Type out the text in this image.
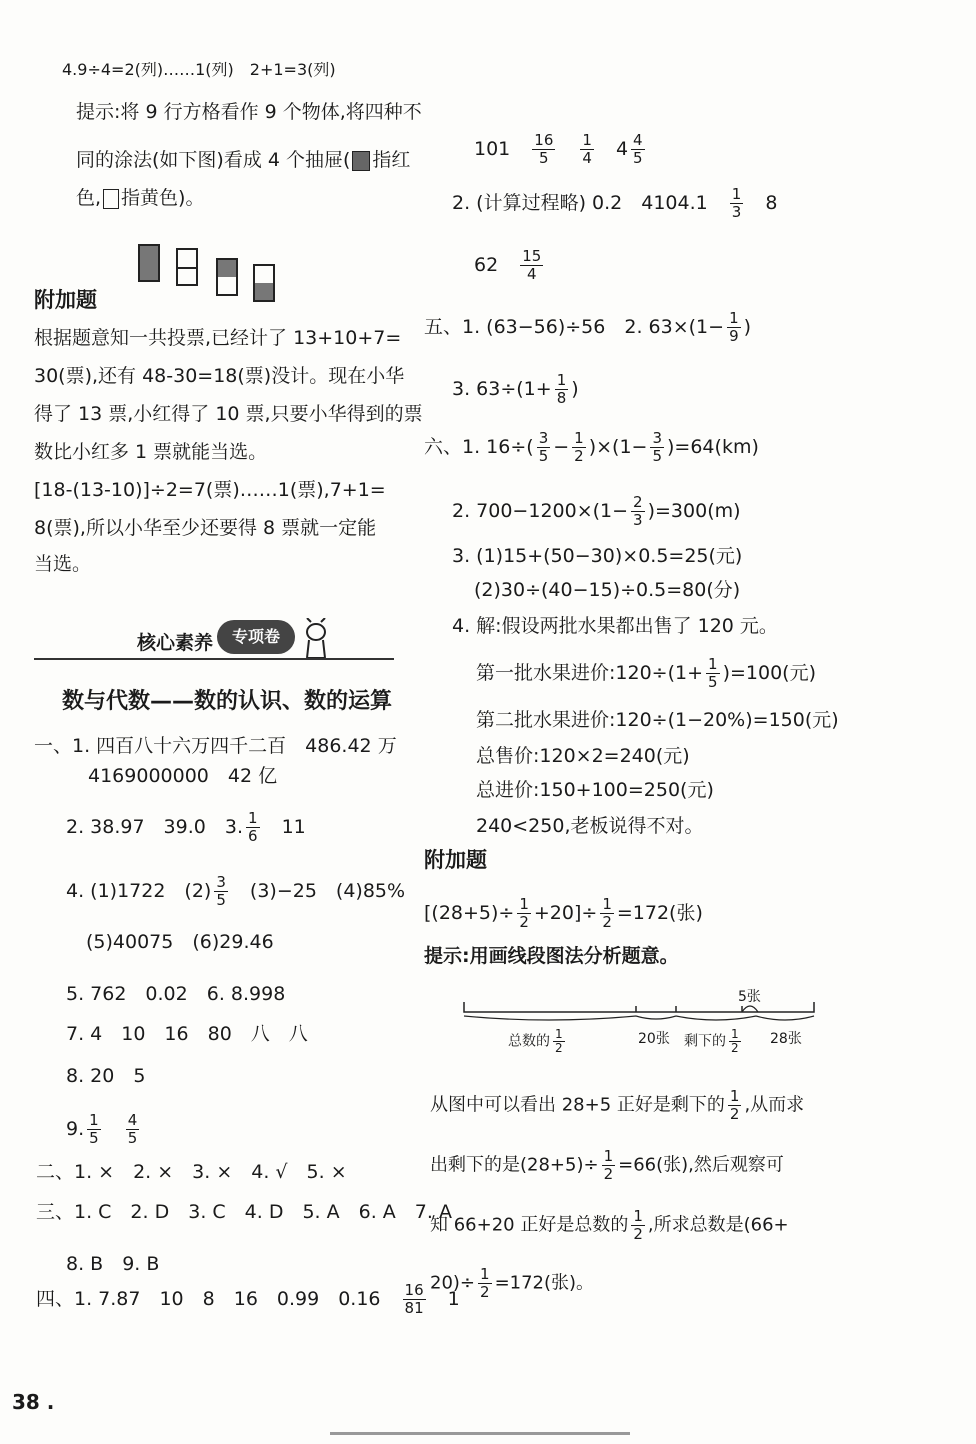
4.9÷4=2(列)……1(列)　2+1=3(列)
提示:将 9 行方格看作 9 个物体,将四种不
同的涂法(如下图)看成 4 个抽屉( 指红
色, 指黄色)。
附加题
根据题意知一共投票,已经计了 13+10+7=
30(票),还有 48-30=18(票)没计。现在小华
得了 13 票,小红得了 10 票,只要小华得到的票
数比小红多 1 票就能当选。
[18-(13-10)]÷2=7(票)……1(票),7+1=
8(票),所以小华至少还要得 8 票就一定能
当选。
核心素养	专项卷
数与代数——数的认识、数的运算
一、1. 四百八十六万四千二百　486.42 万
4169000000　42 亿
2. 38.97　39.0　3. $\frac{1}{6}$
　 11
4. (1)1722　$(2) \frac{3}{5}$
　 (3)−25　(4)85%
(5)40075　(6)29.46
5. 762　0.02　6. 8.998
7. 4　10　16　80　八　八
8. 20　5
9. $\frac{1}{5}$
　 $\frac{4}{5}$
二、1. ×　2. ×　3. ×　4. √　5. ×
三、1. C　2. D　3. C　4. D　5. A　6. A　7. A
8. B　9. B
四、1. 7.87　10　8　16　0.99　0.16　 $\frac{16}{81}$
　 1
38 .
101　 $\frac{16}{5}$
　 $\frac{1}{4}$
　 $4 \frac{4}{5}$
2. (计算过程略) 0.2　4104.1　 $\frac{1}{3}$
　 8
62　 $\frac{15}{4}$
五、1. (63−56)÷56　2. $63\times(1- \frac{1}{9}$ )
3. $63\div(1+ \frac{1}{8}$ )
六、1. $16\div( \frac{3}{5} - \frac{1}{2} )\times(1- \frac{3}{5} )=64(km)$
2. $700-1200\times(1- \frac{2}{3} )=300(m)$
3. (1)15+(50−30)×0.5=25(元)
(2)30÷(40−15)÷0.5=80(分)
4. 解:假设两批水果都出售了 120 元。
第一批水果进价:120÷(1+ $\frac{1}{5} )=100$(元)
第二批水果进价:120÷(1−20%)=150(元)
总售价:120×2=240(元)
总进价:150+100=250(元)
240<250,老板说得不对。
附加题
$[(28+5)\div \frac{1}{2} +20]\div \frac{1}{2} =172$(张)
提示:用画线段图法分析题意。
5张
总数的 $\frac{1}{2}$	20张 剩下的 $\frac{1}{2} 28$张
从图中可以看出 28+5 正好是剩下的 $\frac{1}{2}$ ,从而求
出剩下的是$(28+5)\div \frac{1}{2} =66$(张),然后观察可
知 66+20 正好是总数的 $\frac{1}{2}$ ,所求总数是(66+
$20)\div \frac{1}{2} =172$(张)。
